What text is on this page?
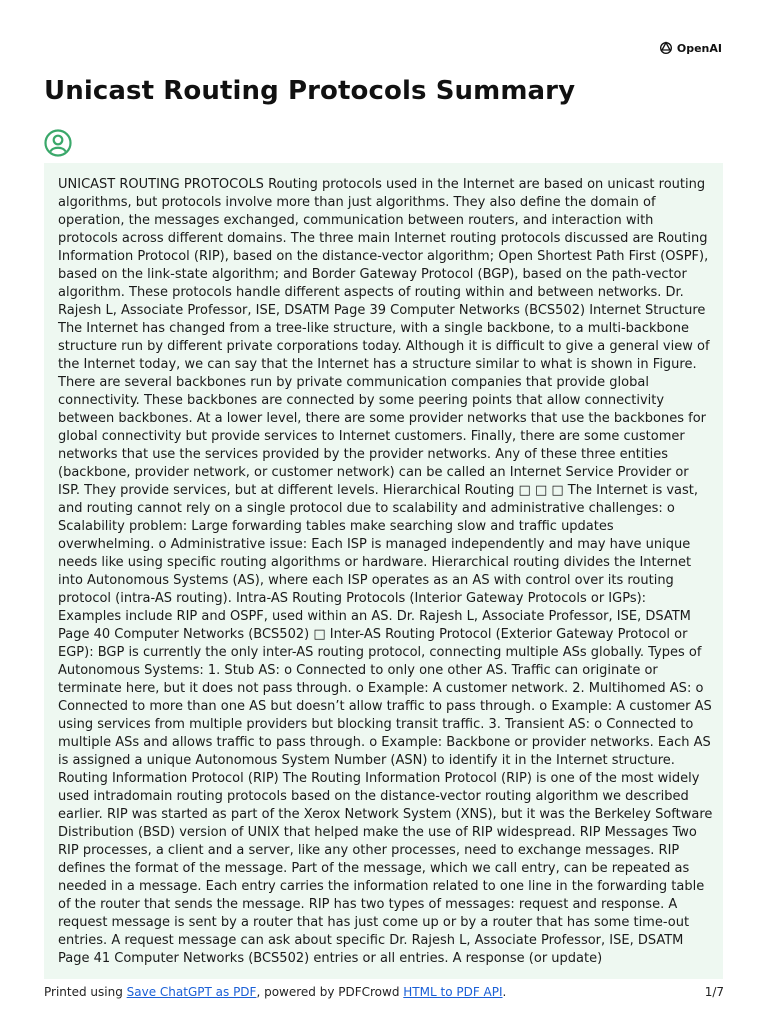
OpenAI
Unicast Routing Protocols Summary

UNICAST ROUTING PROTOCOLS Routing protocols used in the Internet are based on unicast routing algorithms, but protocols involve more than just algorithms. They also define the domain of operation, the messages exchanged, communication between routers, and interaction with protocols across different domains. The three main Internet routing protocols discussed are Routing Information Protocol (RIP), based on the distance-vector algorithm; Open Shortest Path First (OSPF), based on the link-state algorithm; and Border Gateway Protocol (BGP), based on the path-vector algorithm. These protocols handle different aspects of routing within and between networks. Dr. Rajesh L, Associate Professor, ISE, DSATM Page 39 Computer Networks (BCS502) Internet Structure The Internet has changed from a tree-like structure, with a single backbone, to a multi-backbone structure run by different private corporations today. Although it is difficult to give a general view of the Internet today, we can say that the Internet has a structure similar to what is shown in Figure. There are several backbones run by private communication companies that provide global connectivity. These backbones are connected by some peering points that allow connectivity between backbones. At a lower level, there are some provider networks that use the backbones for global connectivity but provide services to Internet customers. Finally, there are some customer networks that use the services provided by the provider networks. Any of these three entities (backbone, provider network, or customer network) can be called an Internet Service Provider or ISP. They provide services, but at different levels. Hierarchical Routing □ □ □ The Internet is vast, and routing cannot rely on a single protocol due to scalability and administrative challenges: o Scalability problem: Large forwarding tables make searching slow and traffic updates overwhelming. o Administrative issue: Each ISP is managed independently and may have unique needs like using specific routing algorithms or hardware. Hierarchical routing divides the Internet into Autonomous Systems (AS), where each ISP operates as an AS with control over its routing protocol (intra-AS routing). Intra-AS Routing Protocols (Interior Gateway Protocols or IGPs): Examples include RIP and OSPF, used within an AS. Dr. Rajesh L, Associate Professor, ISE, DSATM Page 40 Computer Networks (BCS502) □ Inter-AS Routing Protocol (Exterior Gateway Protocol or EGP): BGP is currently the only inter-AS routing protocol, connecting multiple ASs globally. Types of Autonomous Systems: 1. Stub AS: o Connected to only one other AS. Traffic can originate or terminate here, but it does not pass through. o Example: A customer network. 2. Multihomed AS: o Connected to more than one AS but doesn’t allow traffic to pass through. o Example: A customer AS using services from multiple providers but blocking transit traffic. 3. Transient AS: o Connected to multiple ASs and allows traffic to pass through. o Example: Backbone or provider networks. Each AS is assigned a unique Autonomous System Number (ASN) to identify it in the Internet structure. Routing Information Protocol (RIP) The Routing Information Protocol (RIP) is one of the most widely used intradomain routing protocols based on the distance-vector routing algorithm we described earlier. RIP was started as part of the Xerox Network System (XNS), but it was the Berkeley Software Distribution (BSD) version of UNIX that helped make the use of RIP widespread. RIP Messages Two RIP processes, a client and a server, like any other processes, need to exchange messages. RIP defines the format of the message. Part of the message, which we call entry, can be repeated as needed in a message. Each entry carries the information related to one line in the forwarding table of the router that sends the message. RIP has two types of messages: request and response. A request message is sent by a router that has just come up or by a router that has some time-out entries. A request message can ask about specific Dr. Rajesh L, Associate Professor, ISE, DSATM Page 41 Computer Networks (BCS502) entries or all entries. A response (or update)

Printed using Save ChatGPT as PDF, powered by PDFCrowd HTML to PDF API.	1/7
